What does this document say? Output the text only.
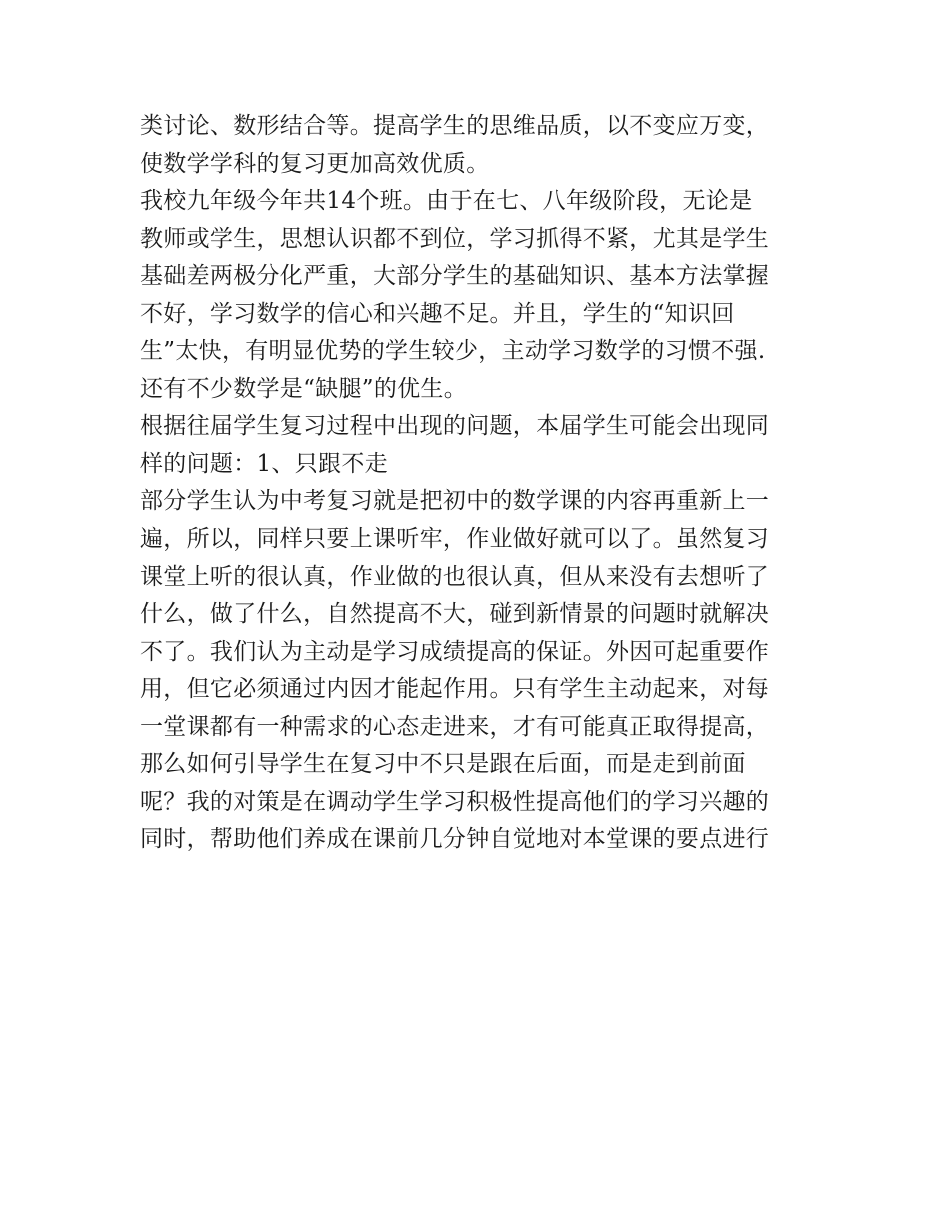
类讨论、数形结合等。提高学生的思维品质，以不变应万变，
使数学学科的复习更加高效优质。
我校九年级今年共14个班。由于在七、八年级阶段，无论是
教师或学生，思想认识都不到位，学习抓得不紧，尤其是学生
基础差两极分化严重，大部分学生的基础知识、基本方法掌握
不好，学习数学的信心和兴趣不足。并且，学生的“知识回
生”太快，有明显优势的学生较少，主动学习数学的习惯不强.
还有不少数学是“缺腿”的优生。
根据往届学生复习过程中出现的问题，本届学生可能会出现同
样的问题：1、只跟不走
部分学生认为中考复习就是把初中的数学课的内容再重新上一
遍，所以，同样只要上课听牢，作业做好就可以了。虽然复习
课堂上听的很认真，作业做的也很认真，但从来没有去想听了
什么，做了什么，自然提高不大，碰到新情景的问题时就解决
不了。我们认为主动是学习成绩提高的保证。外因可起重要作
用，但它必须通过内因才能起作用。只有学生主动起来，对每
一堂课都有一种需求的心态走进来，才有可能真正取得提高，
那么如何引导学生在复习中不只是跟在后面，而是走到前面
呢？我的对策是在调动学生学习积极性提高他们的学习兴趣的
同时，帮助他们养成在课前几分钟自觉地对本堂课的要点进行
